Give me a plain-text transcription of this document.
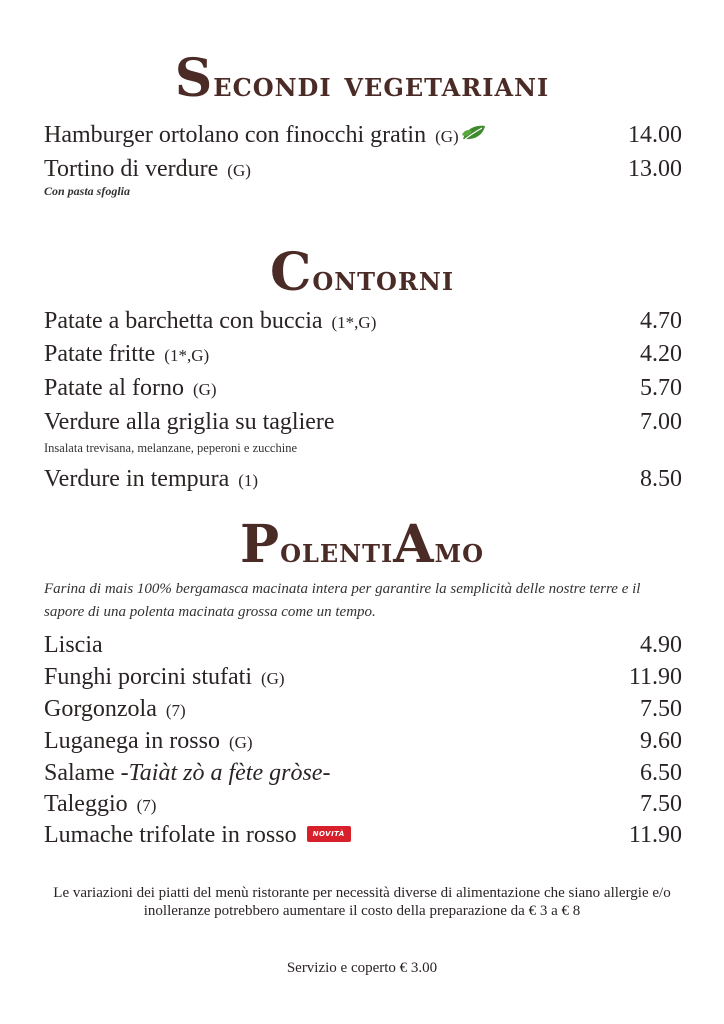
Secondi vegetariani
Hamburger ortolano con finocchi gratin (G)	14.00
Tortino di verdure (G)	13.00
Con pasta sfoglia
Contorni
Patate a barchetta con buccia (1*,G)	4.70
Patate fritte (1*,G)	4.20
Patate al forno (G)	5.70
Verdure alla griglia su tagliere	7.00
Insalata trevisana, melanzane, peperoni e zucchine
Verdure in tempura (1)	8.50
PolentiAmo
Farina di mais 100% bergamasca macinata intera per garantire la semplicità delle nostre terre e il sapore di una polenta macinata grossa come un tempo.
Liscia	4.90
Funghi porcini stufati (G)	11.90
Gorgonzola (7)	7.50
Luganega in rosso (G)	9.60
Salame -Taiàt zò a fète gròse-	6.50
Taleggio (7)	7.50
Lumache trifolate in rosso NOVITÀ	11.90
Le variazioni dei piatti del menù ristorante per necessità diverse di alimentazione che siano allergie e/o inolleranze potrebbero aumentare il costo della preparazione da € 3 a € 8
Servizio e coperto € 3.00
